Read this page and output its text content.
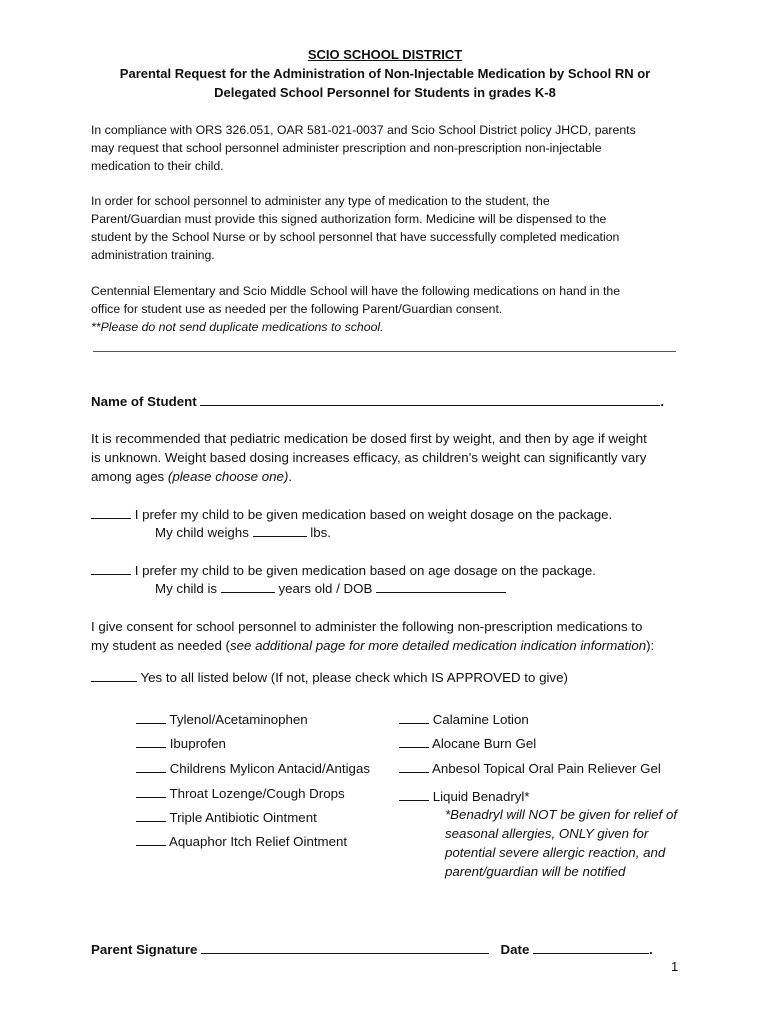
SCIO SCHOOL DISTRICT
Parental Request for the Administration of Non-Injectable Medication by School RN or
Delegated School Personnel for Students in grades K-8
In compliance with ORS 326.051, OAR 581-021-0037 and Scio School District policy JHCD, parents
may request that school personnel administer prescription and non-prescription non-injectable
medication to their child.
In order for school personnel to administer any type of medication to the student, the
Parent/Guardian must provide this signed authorization form. Medicine will be dispensed to the
student by the School Nurse or by school personnel that have successfully completed medication
administration training.
Centennial Elementary and Scio Middle School will have the following medications on hand in the
office for student use as needed per the following Parent/Guardian consent.
**Please do not send duplicate medications to school.
Name of Student	.
It is recommended that pediatric medication be dosed first by weight, and then by age if weight
is unknown. Weight based dosing increases efficacy, as children's weight can significantly vary
among ages (please choose one).
I prefer my child to be given medication based on weight dosage on the package.
My child weighs	lbs.
I prefer my child to be given medication based on age dosage on the package.
My child is	years old / DOB
I give consent for school personnel to administer the following non-prescription medications to
my student as needed (see additional page for more detailed medication indication information):
Yes to all listed below (If not, please check which IS APPROVED to give)
Tylenol/Acetaminophen
Ibuprofen
Childrens Mylicon Antacid/Antigas
Throat Lozenge/Cough Drops
Triple Antibiotic Ointment
Aquaphor Itch Relief Ointment
Calamine Lotion
Alocane Burn Gel
Anbesol Topical Oral Pain Reliever Gel
Liquid Benadryl*
*Benadryl will NOT be given for relief of
seasonal allergies, ONLY given for
potential severe allergic reaction, and
parent/guardian will be notified
Parent Signature	Date	.
1
